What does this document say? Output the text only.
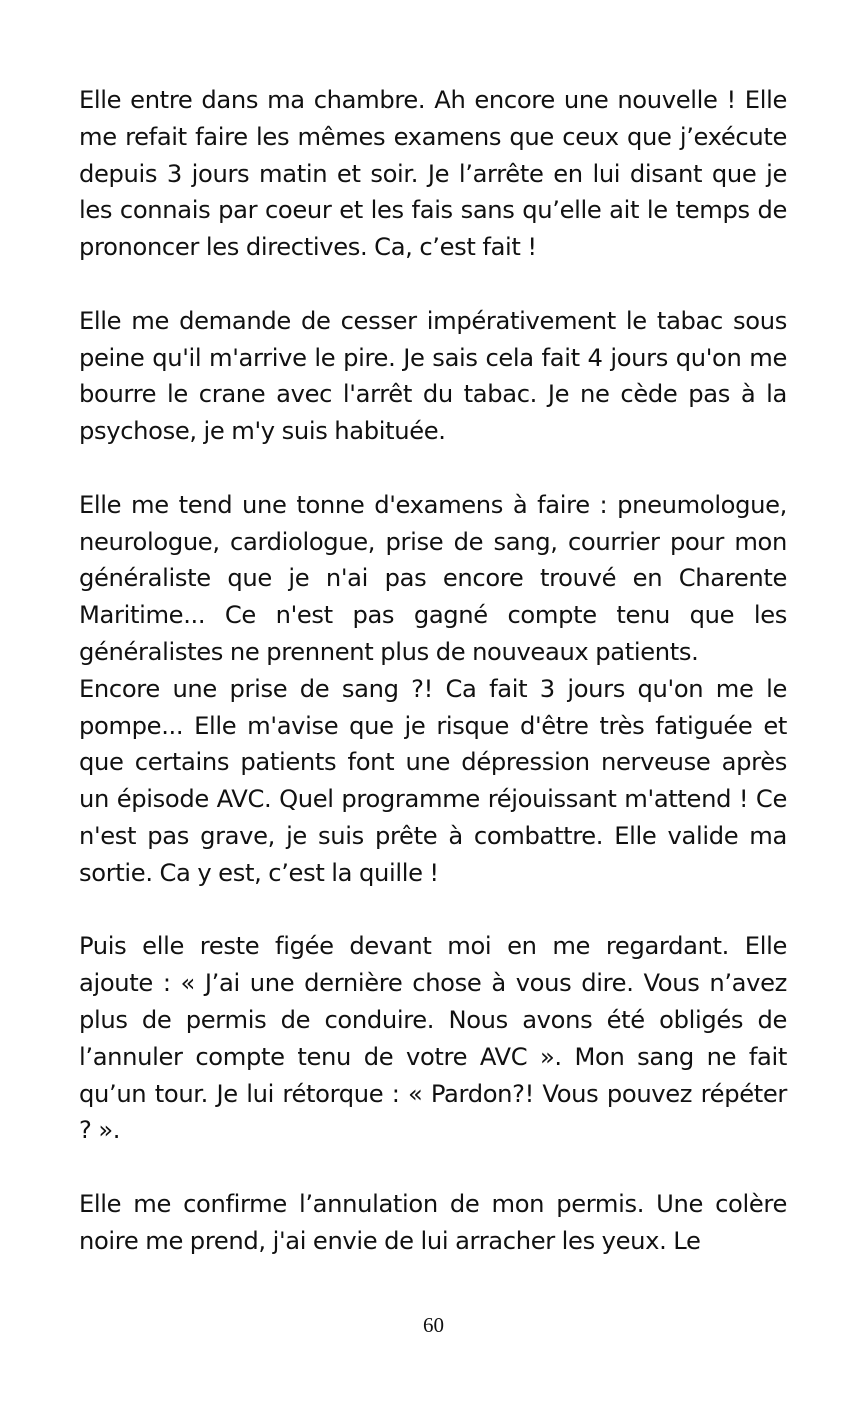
Elle entre dans ma chambre. Ah encore une nouvelle ! Elle me refait faire les mêmes examens que ceux que j’exécute depuis 3 jours matin et soir. Je l’arrête en lui disant que je les connais par coeur et les fais sans qu’elle ait le temps de prononcer les directives. Ca, c’est fait !

Elle me demande de cesser impérativement le tabac sous peine qu'il m'arrive le pire. Je sais cela fait 4 jours qu'on me bourre le crane avec l'arrêt du tabac. Je ne cède pas à la psychose, je m'y suis habituée.

Elle me tend une tonne d'examens à faire : pneumologue, neurologue, cardiologue, prise de sang, courrier pour mon généraliste que je n'ai pas encore trouvé en Charente Maritime... Ce n'est pas gagné compte tenu que les généralistes ne prennent plus de nouveaux patients.

Encore une prise de sang ?! Ca fait 3 jours qu'on me le pompe... Elle m'avise que je risque d'être très fatiguée et que certains patients font une dépression nerveuse après un épisode AVC. Quel programme réjouissant m'attend ! Ce n'est pas grave, je suis prête à combattre. Elle valide ma sortie. Ca y est, c’est la quille !

Puis elle reste figée devant moi en me regardant. Elle ajoute : « J’ai une dernière chose à vous dire. Vous n’avez plus de permis de conduire. Nous avons été obligés de l’annuler compte tenu de votre AVC ». Mon sang ne fait qu’un tour. Je lui rétorque : « Pardon?! Vous pouvez répéter ? ».

Elle me confirme l’annulation de mon permis. Une colère noire me prend, j'ai envie de lui arracher les yeux. Le

60
